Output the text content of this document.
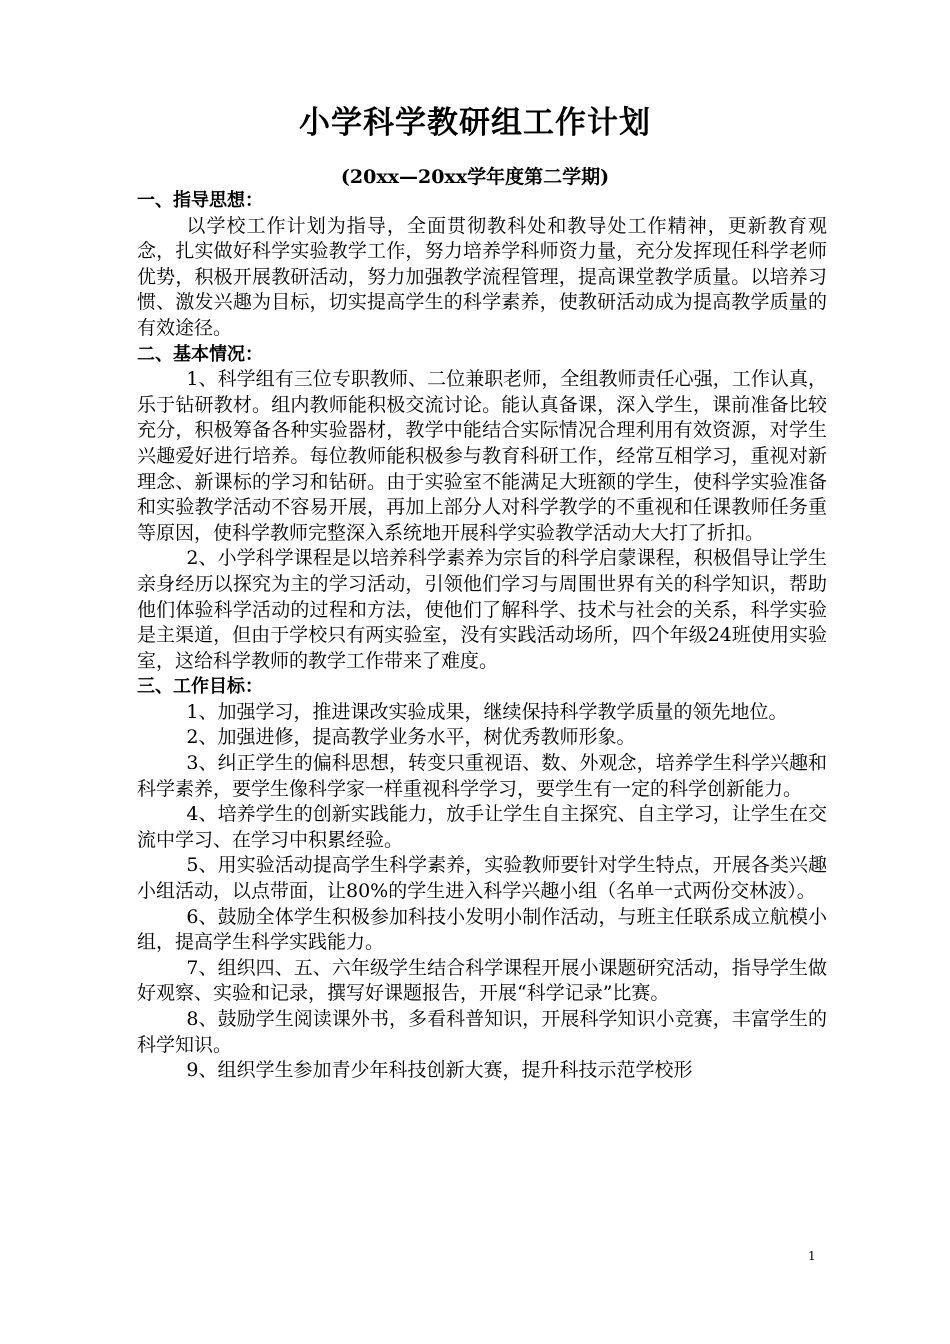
小学科学教研组工作计划
(20xx—20xx学年度第二学期)
一、指导思想：

以学校工作计划为指导，全面贯彻教科处和教导处工作精神，更新教育观念，扎实做好科学实验教学工作，努力培养学科师资力量，充分发挥现任科学老师优势，积极开展教研活动，努力加强教学流程管理，提高课堂教学质量。以培养习惯、激发兴趣为目标，切实提高学生的科学素养，使教研活动成为提高教学质量的有效途径。

二、基本情况：

1、科学组有三位专职教师、二位兼职老师，全组教师责任心强，工作认真，乐于钻研教材。组内教师能积极交流讨论。能认真备课，深入学生，课前准备比较充分，积极筹备各种实验器材，教学中能结合实际情况合理利用有效资源，对学生兴趣爱好进行培养。每位教师能积极参与教育科研工作，经常互相学习，重视对新理念、新课标的学习和钻研。由于实验室不能满足大班额的学生，使科学实验准备和实验教学活动不容易开展，再加上部分人对科学教学的不重视和任课教师任务重等原因，使科学教师完整深入系统地开展科学实验教学活动大大打了折扣。

2、小学科学课程是以培养科学素养为宗旨的科学启蒙课程，积极倡导让学生亲身经历以探究为主的学习活动，引领他们学习与周围世界有关的科学知识，帮助他们体验科学活动的过程和方法，使他们了解科学、技术与社会的关系，科学实验是主渠道，但由于学校只有两实验室，没有实践活动场所，四个年级24班使用实验室，这给科学教师的教学工作带来了难度。

三、工作目标：

1、加强学习，推进课改实验成果，继续保持科学教学质量的领先地位。

2、加强进修，提高教学业务水平，树优秀教师形象。

3、纠正学生的偏科思想，转变只重视语、数、外观念，培养学生科学兴趣和科学素养，要学生像科学家一样重视科学学习，要学生有一定的科学创新能力。

4、培养学生的创新实践能力，放手让学生自主探究、自主学习，让学生在交流中学习、在学习中积累经验。

5、用实验活动提高学生科学素养，实验教师要针对学生特点，开展各类兴趣小组活动，以点带面，让80%的学生进入科学兴趣小组（名单一式两份交林波）。

6、鼓励全体学生积极参加科技小发明小制作活动，与班主任联系成立航模小组，提高学生科学实践能力。

7、组织四、五、六年级学生结合科学课程开展小课题研究活动，指导学生做好观察、实验和记录，撰写好课题报告，开展“科学记录”比赛。

8、鼓励学生阅读课外书，多看科普知识，开展科学知识小竞赛，丰富学生的科学知识。

9、组织学生参加青少年科技创新大赛，提升科技示范学校形

1
